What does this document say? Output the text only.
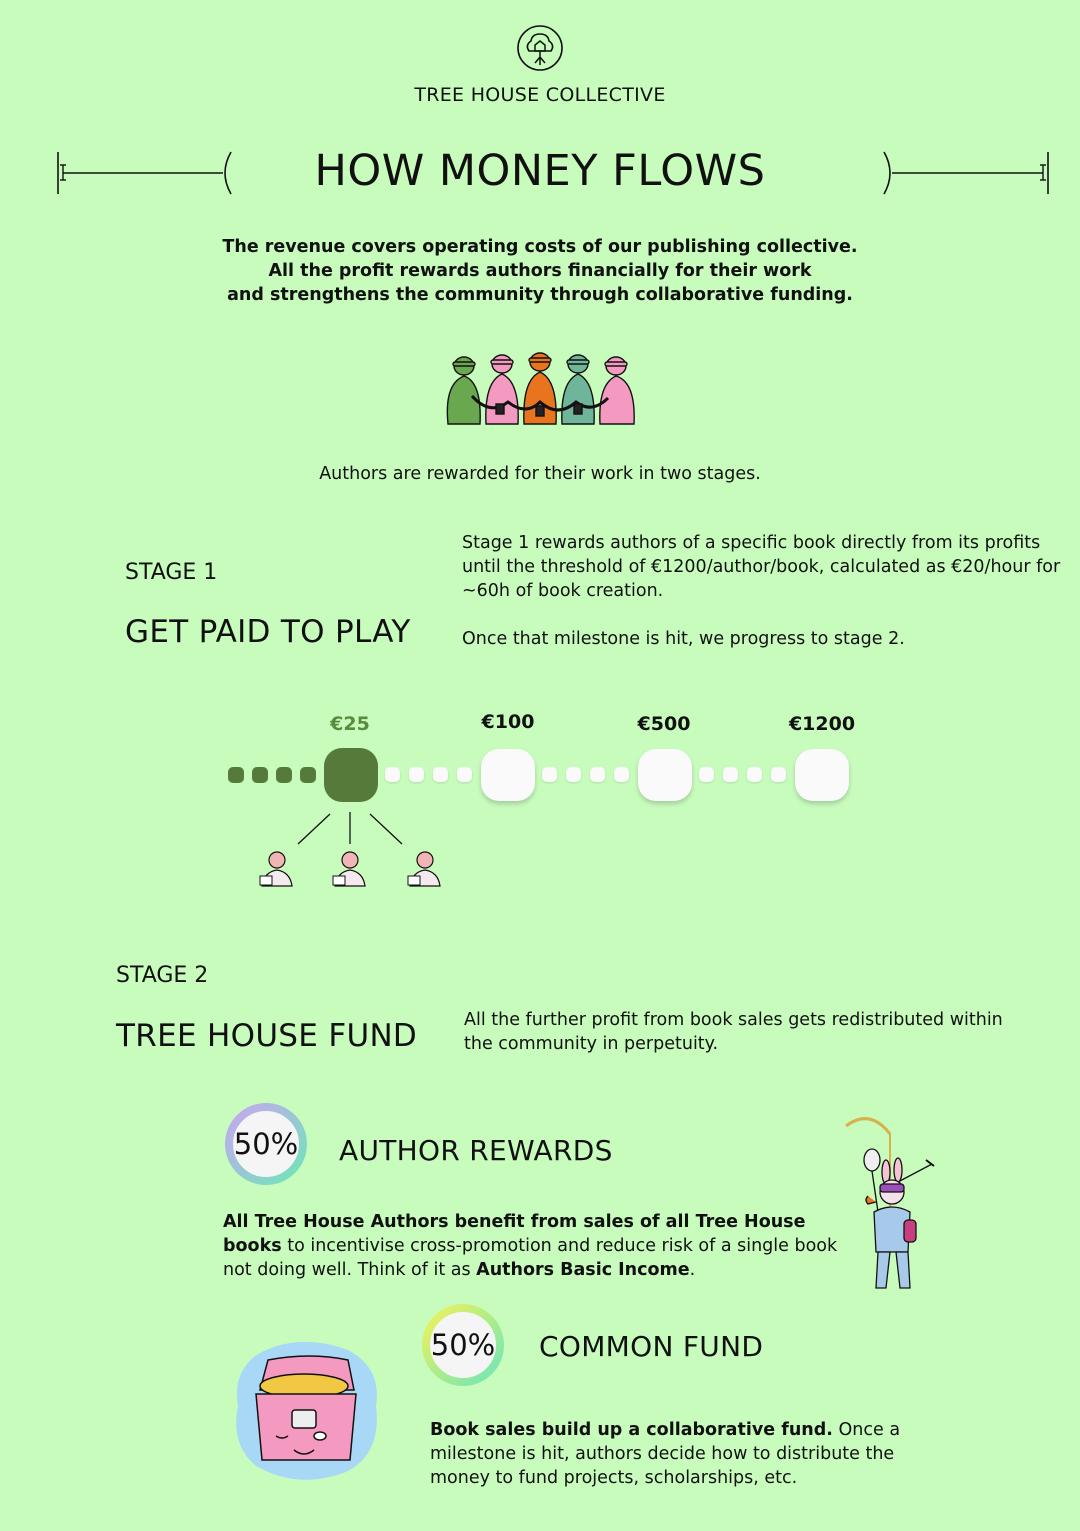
TREE HOUSE COLLECTIVE
HOW MONEY FLOWS
The revenue covers operating costs of our publishing collective.
All the profit rewards authors financially for their work
and strengthens the community through collaborative funding.
Authors are rewarded for their work in two stages.
STAGE 1
GET PAID TO PLAY
Stage 1 rewards authors of a specific book directly from its profits until the threshold of €1200/author/book, calculated as €20/hour for ~60h of book creation.
Once that milestone is hit, we progress to stage 2.
€25	€100	€500	€1200
STAGE 2
TREE HOUSE FUND	All the further profit from book sales gets redistributed within the community in perpetuity.
50%	AUTHOR REWARDS
All Tree House Authors benefit from sales of all Tree House books to incentivise cross-promotion and reduce risk of a single book not doing well. Think of it as Authors Basic Income.
50%	COMMON FUND
Book sales build up a collaborative fund. Once a milestone is hit, authors decide how to distribute the money to fund projects, scholarships, etc.
